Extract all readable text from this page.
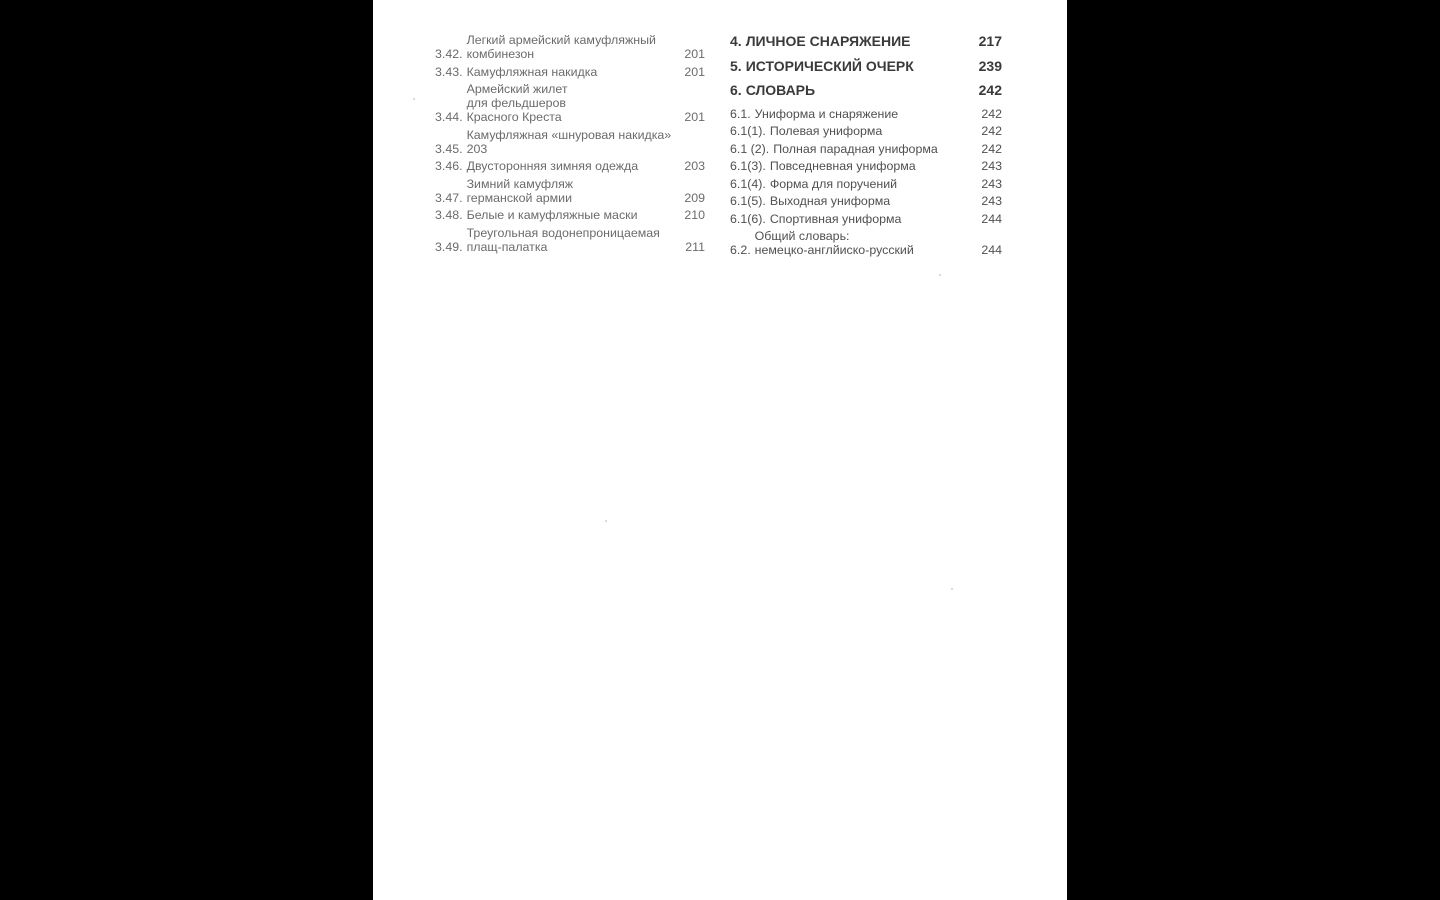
3.42.
Легкий армейский камуфляжный
комбинезон	201
3.43. Камуфляжная накидка	201
3.44.
Армейский жилет
для фельдшеров
Красного Креста	201
3.45.
Камуфляжная «шнуровая накидка»
203
3.46. Двусторонняя зимняя одежда	203
3.47.
Зимний камуфляж
германской армии	209
3.48. Белые и камуфляжные маски	210
3.49.
Треугольная водонепроницаемая
плащ-палатка	211
4. ЛИЧНОЕ СНАРЯЖЕНИЕ	217
5. ИСТОРИЧЕСКИЙ ОЧЕРК	239
6. СЛОВАРЬ	242
6.1. Униформа и снаряжение	242
6.1(1). Полевая униформа	242
6.1 (2). Полная парадная униформа	242
6.1(3). Повседневная униформа	243
6.1(4). Форма для поручений	243
6.1(5). Выходная униформа	243
6.1(6). Спортивная униформа	244
6.2.
Общий словарь:
немецко-англйиско-русский	244
